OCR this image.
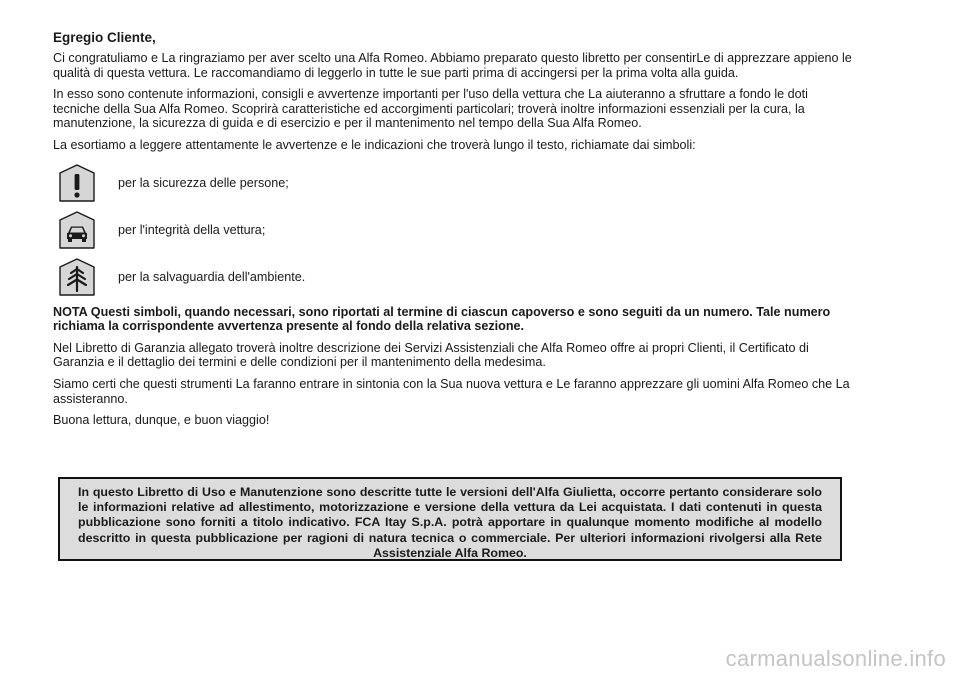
Egregio Cliente,

Ci congratuliamo e La ringraziamo per aver scelto una Alfa Romeo. Abbiamo preparato questo libretto per consentirLe di apprezzare appieno le qualità di questa vettura. Le raccomandiamo di leggerlo in tutte le sue parti prima di accingersi per la prima volta alla guida.

In esso sono contenute informazioni, consigli e avvertenze importanti per l'uso della vettura che La aiuteranno a sfruttare a fondo le doti tecniche della Sua Alfa Romeo. Scoprirà caratteristiche ed accorgimenti particolari; troverà inoltre informazioni essenziali per la cura, la manutenzione, la sicurezza di guida e di esercizio e per il mantenimento nel tempo della Sua Alfa Romeo.

La esortiamo a leggere attentamente le avvertenze e le indicazioni che troverà lungo il testo, richiamate dai simboli:

per la sicurezza delle persone;
per l'integrità della vettura;
per la salvaguardia dell'ambiente.

NOTA Questi simboli, quando necessari, sono riportati al termine di ciascun capoverso e sono seguiti da un numero. Tale numero richiama la corrispondente avvertenza presente al fondo della relativa sezione.

Nel Libretto di Garanzia allegato troverà inoltre descrizione dei Servizi Assistenziali che Alfa Romeo offre ai propri Clienti, il Certificato di Garanzia e il dettaglio dei termini e delle condizioni per il mantenimento della medesima.

Siamo certi che questi strumenti La faranno entrare in sintonia con la Sua nuova vettura e Le faranno apprezzare gli uomini Alfa Romeo che La assisteranno.

Buona lettura, dunque, e buon viaggio!

In questo Libretto di Uso e Manutenzione sono descritte tutte le versioni dell'Alfa Giulietta, occorre pertanto considerare solo le informazioni relative ad allestimento, motorizzazione e versione della vettura da Lei acquistata. I dati contenuti in questa pubblicazione sono forniti a titolo indicativo. FCA Itay S.p.A. potrà apportare in qualunque momento modifiche al modello descritto in questa pubblicazione per ragioni di natura tecnica o commerciale. Per ulteriori informazioni rivolgersi alla Rete Assistenziale Alfa Romeo.
carmanualsonline.info
